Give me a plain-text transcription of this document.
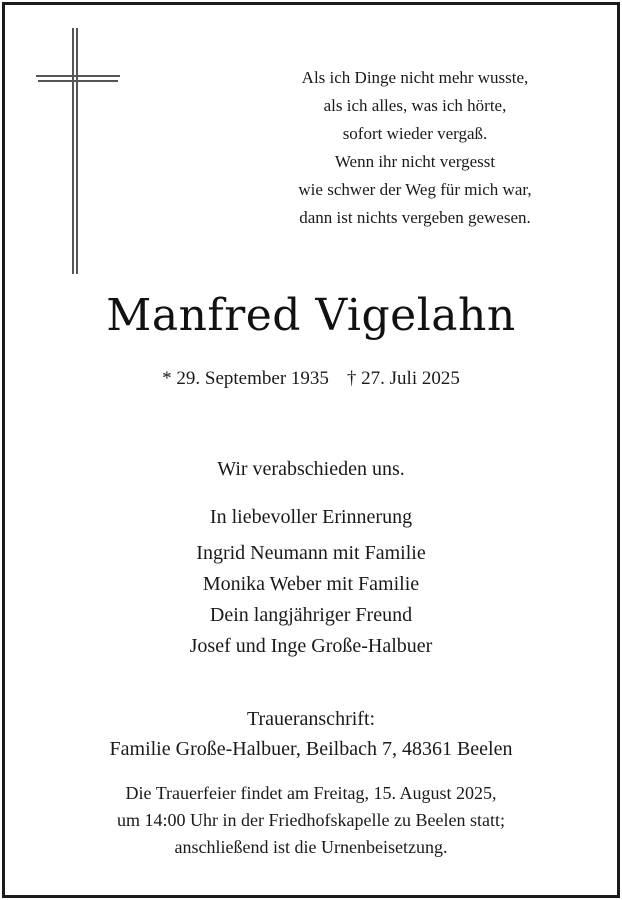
Als ich Dinge nicht mehr wusste,
als ich alles, was ich hörte,
sofort wieder vergaß.
Wenn ihr nicht vergesst
wie schwer der Weg für mich war,
dann ist nichts vergeben gewesen.
Manfred Vigelahn
* 29. September 1935 † 27. Juli 2025
Wir verabschieden uns.
In liebevoller Erinnerung
Ingrid Neumann mit Familie
Monika Weber mit Familie
Dein langjähriger Freund
Josef und Inge Große-Halbuer
Traueranschrift:
Familie Große-Halbuer, Beilbach 7, 48361 Beelen
Die Trauerfeier findet am Freitag, 15. August 2025,
um 14:00 Uhr in der Friedhofskapelle zu Beelen statt;
anschließend ist die Urnenbeisetzung.
